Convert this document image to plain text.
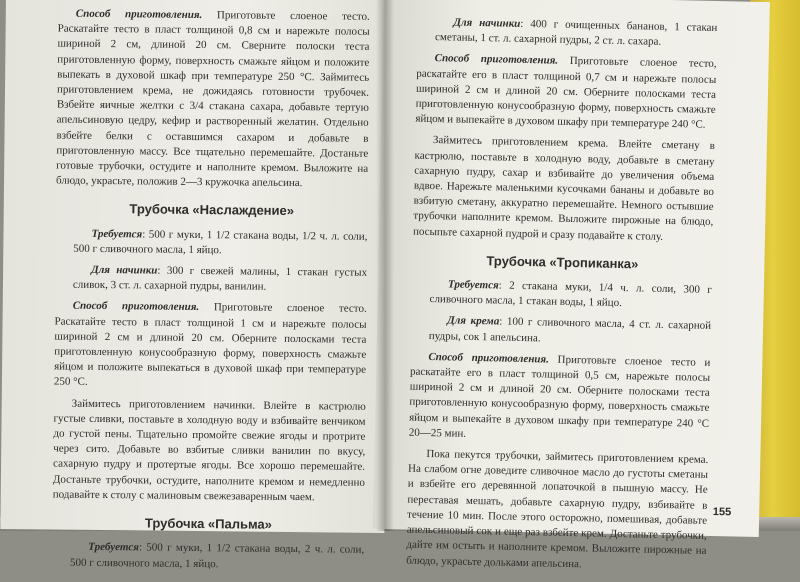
Способ приготовления. Приготовьте слоеное тесто. Раскатайте тесто в пласт толщиной 0,8 см и нарежьте полосы шириной 2 см, длиной 20 см. Сверните полоски теста приготовленную форму, поверхность смажьте яйцом и положите выпекать в духовой шкаф при температуре 250 °С. Займитесь приготовлением крема, не дожидаясь готовности трубочек. Взбейте яичные желтки с 3/4 стакана сахара, добавьте тертую апельсиновую цедру, кефир и растворенный желатин. Отдельно взбейте белки с оставшимся сахаром и добавьте в приготовленную массу. Все тщательно перемешайте. Достаньте готовые трубочки, остудите и наполните кремом. Выложите на блюдо, украсьте, положив 2—3 кружочка апельсина.

Трубочка «Наслаждение»

Требуется: 500 г муки, 1 1/2 стакана воды, 1/2 ч. л. соли, 500 г сливочного масла, 1 яйцо.

Для начинки: 300 г свежей малины, 1 стакан густых сливок, 3 ст. л. сахарной пудры, ванилин.

Способ приготовления. Приготовьте слоеное тесто. Раскатайте тесто в пласт толщиной 1 см и нарежьте полосы шириной 2 см и длиной 20 см. Оберните полосками теста приготовленную конусообразную форму, поверхность смажьте яйцом и положите выпекаться в духовой шкаф при температуре 250 °С.

Займитесь приготовлением начинки. Влейте в кастрюлю густые сливки, поставьте в холодную воду и взбивайте венчиком до густой пены. Тщательно промойте свежие ягоды и протрите через сито. Добавьте во взбитые сливки ванилин по вкусу, сахарную пудру и протертые ягоды. Все хорошо перемешайте. Достаньте трубочки, остудите, наполните кремом и немедленно подавайте к столу с малиновым свежезаваренным чаем.

Трубочка «Пальма»

Требуется: 500 г муки, 1 1/2 стакана воды, 2 ч. л. соли, 500 г сливочного масла, 1 яйцо.

Для начинки: 400 г очищенных бананов, 1 стакан сметаны, 1 ст. л. сахарной пудры, 2 ст. л. сахара.

Способ приготовления. Приготовьте слоеное тесто, раскатайте его в пласт толщиной 0,7 см и нарежьте полосы шириной 2 см и длиной 20 см. Оберните полосками теста приготовленную конусообразную форму, поверхность смажьте яйцом и выпекайте в духовом шкафу при температуре 240 °С.

Займитесь приготовлением крема. Влейте сметану в кастрюлю, поставьте в холодную воду, добавьте в сметану сахарную пудру, сахар и взбивайте до увеличения объема вдвое. Нарежьте маленькими кусочками бананы и добавьте во взбитую сметану, аккуратно перемешайте. Немного остывшие трубочки наполните кремом. Выложите пирожные на блюдо, посыпьте сахарной пудрой и сразу подавайте к столу.

Трубочка «Тропиканка»

Требуется: 2 стакана муки, 1/4 ч. л. соли, 300 г сливочного масла, 1 стакан воды, 1 яйцо.

Для крема: 100 г сливочного масла, 4 ст. л. сахарной пудры, сок 1 апельсина.

Способ приготовления. Приготовьте слоеное тесто и раскатайте его в пласт толщиной 0,5 см, нарежьте полосы шириной 2 см и длиной 20 см. Оберните полосками теста приготовленную конусообразную форму, поверхность смажьте яйцом и выпекайте в духовом шкафу при температуре 240 °С 20—25 мин.

Пока пекутся трубочки, займитесь приготовлением крема. На слабом огне доведите сливочное масло до густоты сметаны и взбейте его деревянной лопаточкой в пышную массу. Не переставая мешать, добавьте сахарную пудру, взбивайте в течение 10 мин. После этого осторожно, помешивая, добавьте апельсиновый сок и еще раз взбейте крем. Достаньте трубочки, дайте им остыть и наполните кремом. Выложите пирожные на блюдо, украсьте дольками апельсина.

155
